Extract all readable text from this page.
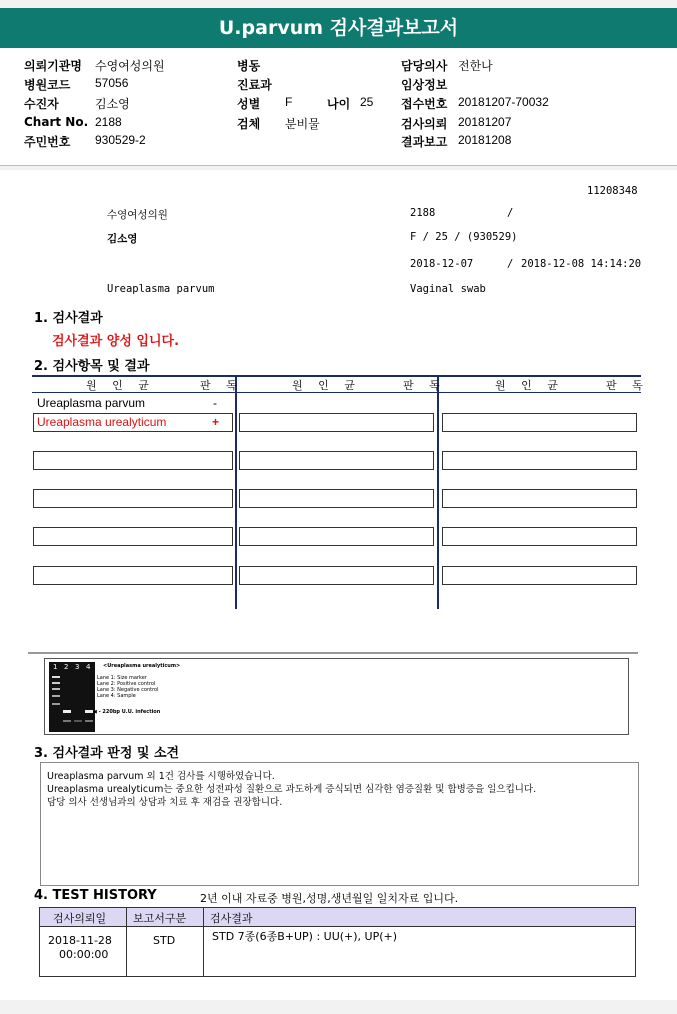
U.parvum 검사결과보고서
의뢰기관명 수영여성의원
병원코드 57056
수진자	김소영
Chart No. 2188
주민번호 930529-2
병동
진료과
성별 F	나이 25
검체 분비물
담당의사 전한나
임상정보
접수번호 20181207-70032
검사의뢰 20181207
결과보고 20181208
11208348
수영여성의원	2188	/
김소영	F / 25 / (930529)
2018-12-07	/ 2018-12-08 14:14:20
Ureaplasma parvum	Vaginal swab
1. 검사결과
검사결과 양성 입니다.
2. 검사항목 및 결과
원 인 균	판 독	원 인 균	판 독	원 인 균	판 독
Ureaplasma parvum	-
Ureaplasma urealyticum	+
1 2 3 4	<Ureaplasma urealyticum>
Lane 1: Size marker
Lane 2: Positive control
Lane 3: Negative control
Lane 4: Sample
◀ - 220bp U.U. infection
3. 검사결과 판정 및 소견
Ureaplasma parvum 외 1건 검사를 시행하였습니다.
Ureaplasma urealyticum는 중요한 성전파성 질환으로 과도하게 증식되면 심각한 염증질환 및 합병증을 일으킵니다.
담당 의사 선생님과의 상담과 치료 후 재검을 권장합니다.
4. TEST HISTORY	2년 이내 자료중 병원,성명,생년월일 일치자료 입니다.
검사의뢰일 보고서구분 검사결과
2018-11-28
00:00:00
STD	STD 7종(6종B+UP) : UU(+), UP(+)
